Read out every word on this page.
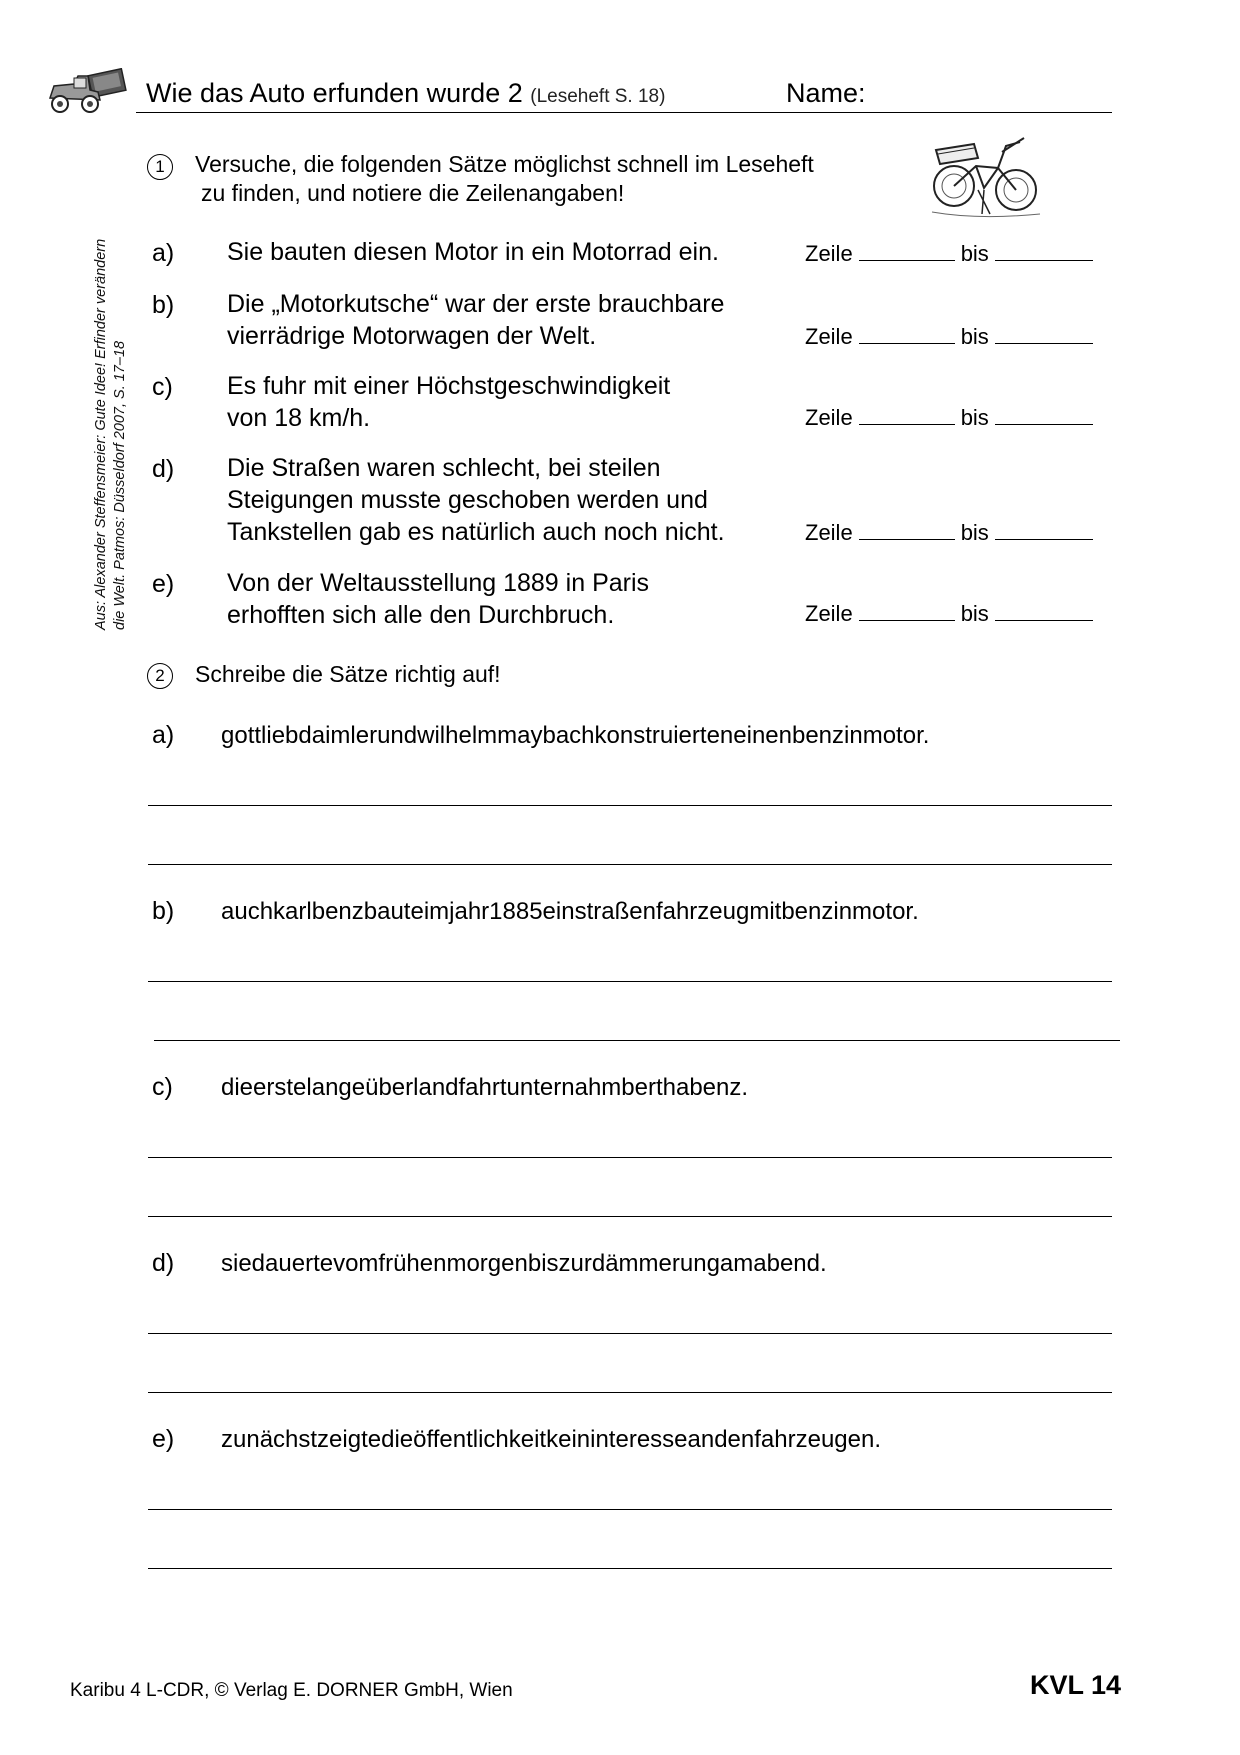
Wie das Auto erfunden wurde 2 (Leseheft S. 18)	Name:
Aus: Alexander Steffensmeier: Gute Idee! Erfinder verändern die Welt. Patmos: Düsseldorf 2007, S. 17–18
1	Versuche, die folgenden Sätze möglichst schnell im Leseheft
zu finden, und notiere die Zeilenangaben!
a) Sie bauten diesen Motor in ein Motorrad ein.	Zeile	bis
b) Die „Motorkutsche“ war der erste brauchbare
vierrädrige Motorwagen der Welt.	Zeile	bis
c) Es fuhr mit einer Höchstgeschwindigkeit
von 18 km/h.	Zeile	bis
d) Die Straßen waren schlecht, bei steilen
Steigungen musste geschoben werden und
Tankstellen gab es natürlich auch noch nicht.	Zeile	bis
e) Von der Weltausstellung 1889 in Paris
erhofften sich alle den Durchbruch.	Zeile	bis
2	Schreibe die Sätze richtig auf!
a) gottliebdaimlerundwilhelmmaybachkonstruierteneinenbenzinmotor.
b) auchkarlbenzbauteimjahr1885einstraßenfahrzeugmitbenzinmotor.
c) dieerstelangeüberlandfahrtunternahmberthabenz.
d) siedauertevomfrühenmorgenbiszurdämmerungamabend.
e) zunächstzeigtedieöffentlichkeitkeininteresseandenfahrzeugen.
Karibu 4 L-CDR, © Verlag E. DORNER GmbH, Wien	KVL 14
